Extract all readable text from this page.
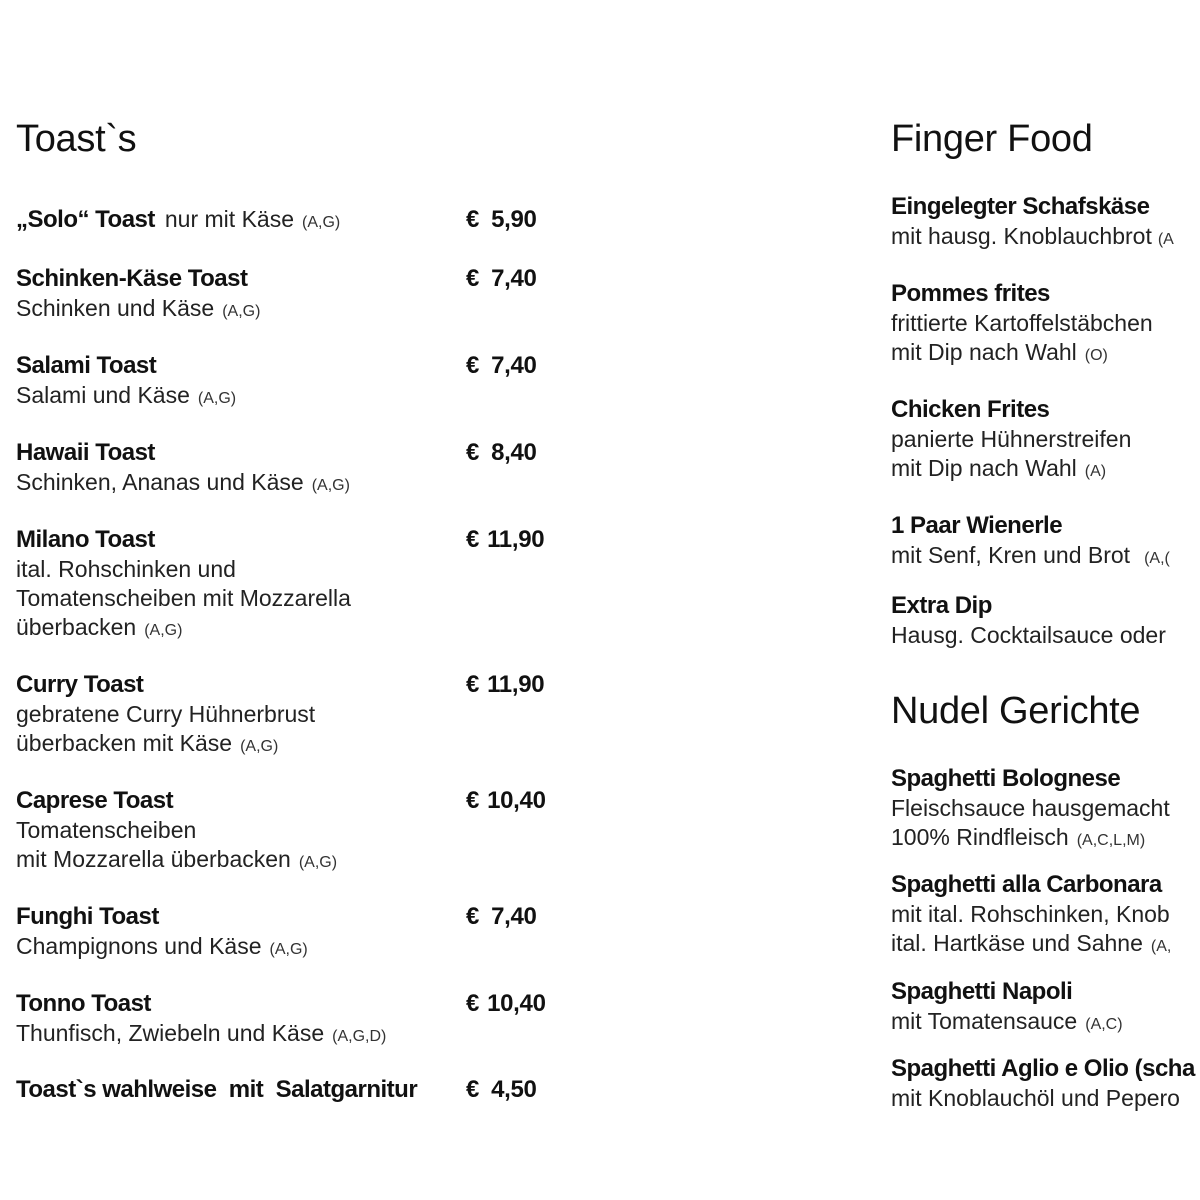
Toast`s
„Solo“ Toast nur mit Käse (A,G)	€ 5,90
Schinken-Käse Toast
Schinken und Käse (A,G)
€ 7,40
Salami Toast
Salami und Käse (A,G)
€ 7,40
Hawaii Toast
Schinken, Ananas und Käse (A,G)
€ 8,40
Milano Toast
ital. Rohschinken und
Tomatenscheiben mit Mozzarella
überbacken (A,G)
€ 11,90
Curry Toast
gebratene Curry Hühnerbrust
überbacken mit Käse (A,G)
€ 11,90
Caprese Toast
Tomatenscheiben
mit Mozzarella überbacken (A,G)
€ 10,40
Funghi Toast
Champignons und Käse (A,G)
€ 7,40
Tonno Toast
Thunfisch, Zwiebeln und Käse (A,G,D)
€ 10,40
Toast`s wahlweise  mit  Salatgarnitur € 4,50
Finger Food
Eingelegter Schafskäse
mit hausg. Knoblauchbrot (A
Pommes frites
frittierte Kartoffelstäbchen
mit Dip nach Wahl (O)
Chicken Frites
panierte Hühnerstreifen
mit Dip nach Wahl (A)
1 Paar Wienerle
mit Senf, Kren und Brot (A,(
Extra Dip
Hausg. Cocktailsauce oder
Nudel Gerichte
Spaghetti Bolognese
Fleischsauce hausgemacht
100% Rindfleisch (A,C,L,M)
Spaghetti alla Carbonara
mit ital. Rohschinken, Knob
ital. Hartkäse und Sahne (A,
Spaghetti Napoli
mit Tomatensauce (A,C)
Spaghetti Aglio e Olio (scha
mit Knoblauchöl und Pepero
